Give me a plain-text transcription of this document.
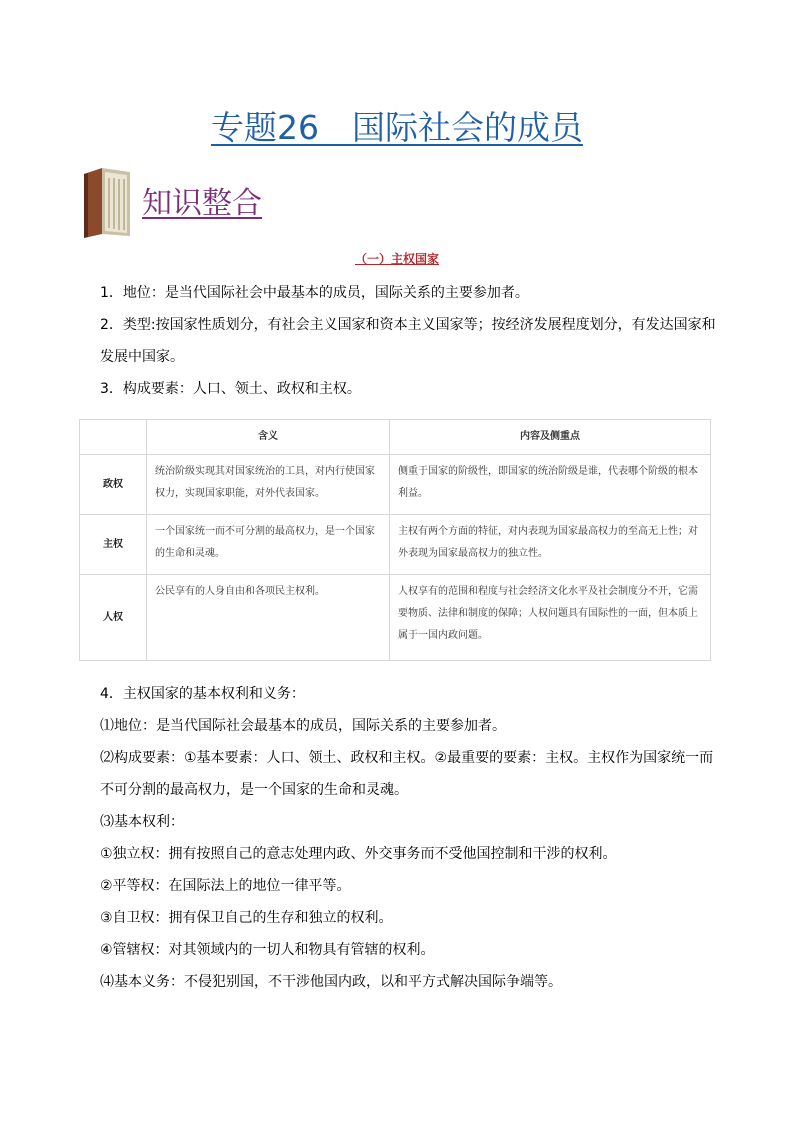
专题26　国际社会的成员
知识整合
（一）主权国家
1．地位：是当代国际社会中最基本的成员，国际关系的主要参加者。
2．类型:按国家性质划分，有社会主义国家和资本主义国家等；按经济发展程度划分，有发达国家和发展中国家。
3．构成要素：人口、领土、政权和主权。
	含义	内容及侧重点
政权	统治阶级实现其对国家统治的工具，对内行使国家权力，实现国家职能，对外代表国家。	侧重于国家的阶级性，即国家的统治阶级是谁，代表哪个阶级的根本利益。
主权	一个国家统一而不可分割的最高权力，是一个国家的生命和灵魂。	主权有两个方面的特征，对内表现为国家最高权力的至高无上性；对外表现为国家最高权力的独立性。
人权	公民享有的人身自由和各项民主权利。	人权享有的范围和程度与社会经济文化水平及社会制度分不开，它需要物质、法律和制度的保障；人权问题具有国际性的一面，但本质上属于一国内政问题。
4．主权国家的基本权利和义务：
⑴地位：是当代国际社会最基本的成员，国际关系的主要参加者。
⑵构成要素：①基本要素：人口、领土、政权和主权。②最重要的要素：主权。主权作为国家统一而不可分割的最高权力，是一个国家的生命和灵魂。
⑶基本权利：
①独立权：拥有按照自己的意志处理内政、外交事务而不受他国控制和干涉的权利。
②平等权：在国际法上的地位一律平等。
③自卫权：拥有保卫自己的生存和独立的权利。
④管辖权：对其领域内的一切人和物具有管辖的权利。
⑷基本义务：不侵犯别国，不干涉他国内政，以和平方式解决国际争端等。
